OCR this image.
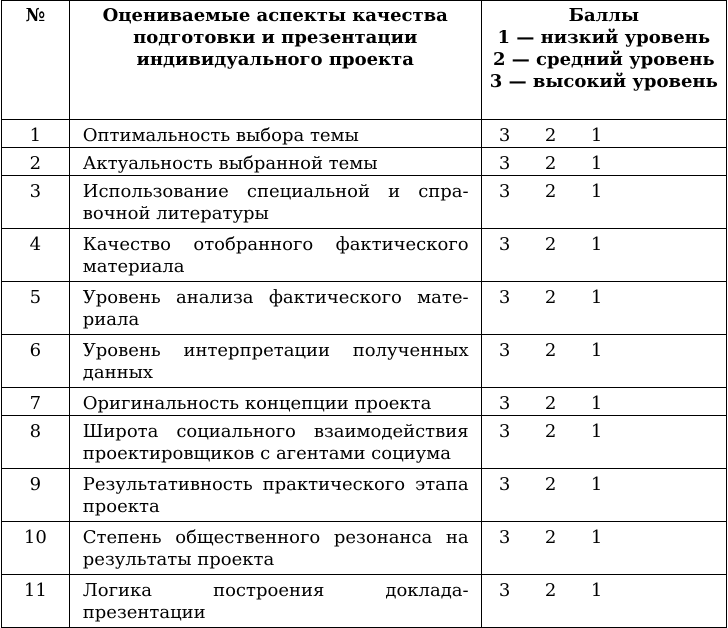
№	Оцениваемые аспекты качества
подготовки и презентации
индивидуального проекта	Баллы
1 — низкий уровень
2 — средний уровень
3 — высокий уровень

1	Оптимальность выбора темы	3 2 1
2	Актуальность выбранной темы	3 2 1
3	Использование специальной и справочной литературы	3 2 1
4	Качество отобранного фактического материала	3 2 1
5	Уровень анализа фактического материала	3 2 1
6	Уровень интерпретации полученных данных	3 2 1
7	Оригинальность концепции проекта	3 2 1
8	Широта социального взаимодействия проектировщиков с агентами социума	3 2 1
9	Результативность практического этапа проекта	3 2 1
10	Степень общественного резонанса на результаты проекта	3 2 1
11	Логика построения доклада-презентации	3 2 1
